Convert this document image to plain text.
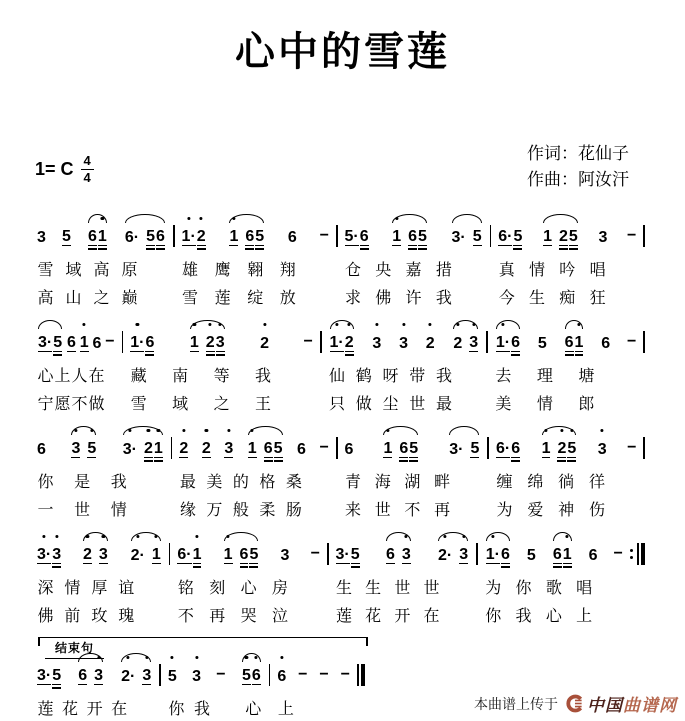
心中的雪莲
1= C $\frac{4}{4}$	作词：花仙子
作曲：阿汝汗
3 5 6 1 6· 5 6
雪 域 高 原
高 山 之 巅
1· 2 1 6 5 6 −
雄 鹰 翱 翔
雪 莲 绽 放
5· 6 1 6 5 3· 5
仓 央 嘉 措
求 佛 许 我
6· 5 1 2 5 3 −
真 情 吟 唱
今 生 痴 狂
3· 5 6 1 6 −
心 上 人 在
宁 愿 不 做
1· 6 1 2 3 2 −
藏 南 等 我
雪 域 之 王
1· 2 3 3 2 2 3
仙 鹤 呀 带 我
只 做 尘 世 最
1· 6 5 6 1 6 −
去 理 塘
美 情 郎
6 3 5 3· 2 1
你 是 我
一 世 情
2 2 3 1 6 5 6 −
最 美 的 格 桑
缘 万 般 柔 肠
6 1 6 5 3· 5
青 海 湖 畔
来 世 不 再
6· 6 1 2 5 3 −
缠 绵 徜 徉
为 爱 神 伤
3· 3 2 3 2· 1
深 情 厚 谊
佛 前 玫 瑰
6· 1 1 6 5 3 −
铭 刻 心 房
不 再 哭 泣
3· 5 6 3 2· 3
生 生 世 世
莲 花 开 在
1· 6 5 6 1 6 −
为 你 歌 唱
你 我 心 上
结束句
3· 5 6 3 2· 3
莲 花 开 在
5 3 − 5 6
你 我 心
6 − − −
上	本曲谱上传于 中国曲谱网
